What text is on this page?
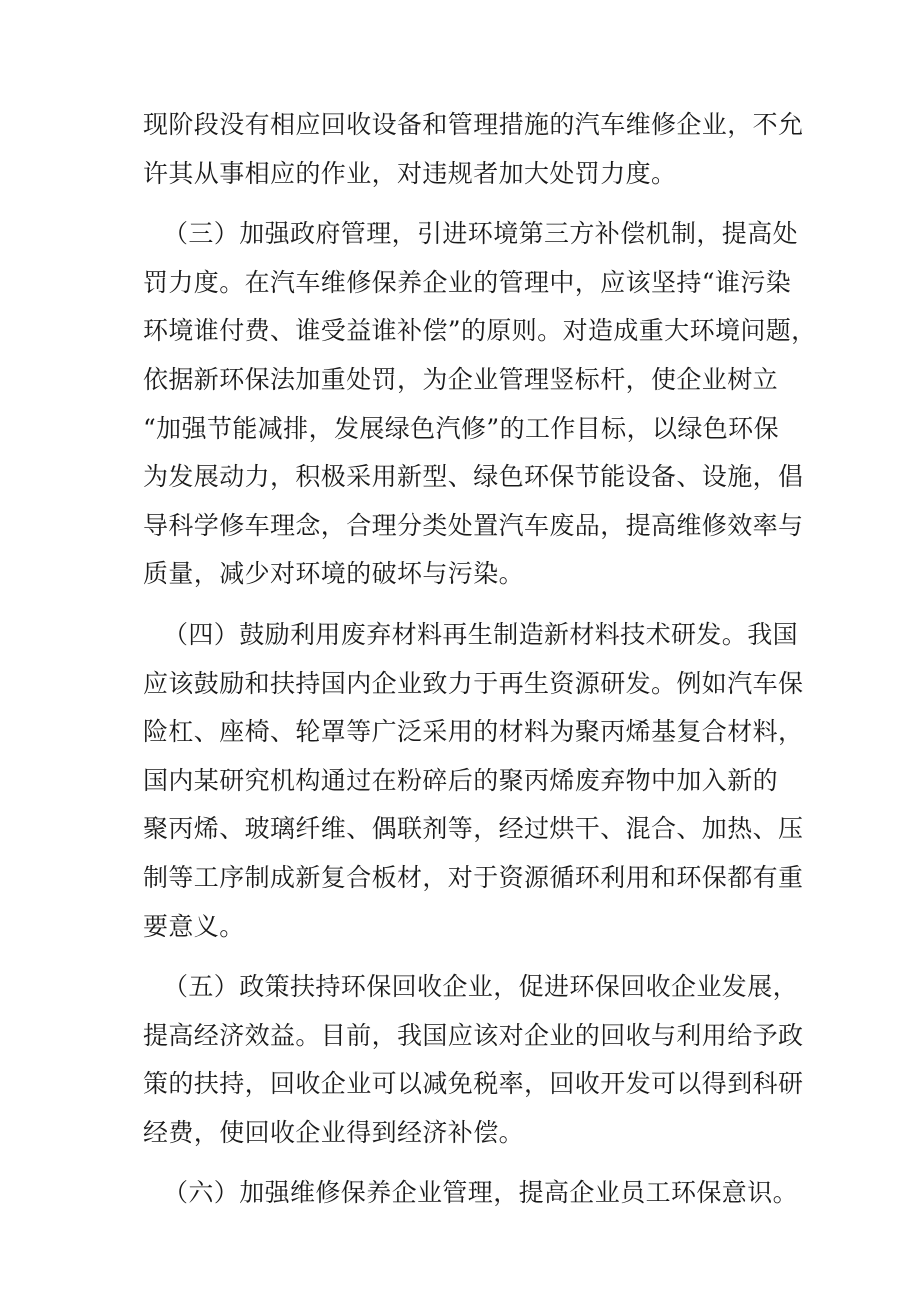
现阶段没有相应回收设备和管理措施的汽车维修企业，不允
许其从事相应的作业，对违规者加大处罚力度。
（三）加强政府管理，引进环境第三方补偿机制，提高处
罚力度。在汽车维修保养企业的管理中，应该坚持“谁污染
环境谁付费、谁受益谁补偿”的原则。对造成重大环境问题，
依据新环保法加重处罚，为企业管理竖标杆，使企业树立
“加强节能减排，发展绿色汽修”的工作目标，以绿色环保
为发展动力，积极采用新型、绿色环保节能设备、设施，倡
导科学修车理念，合理分类处置汽车废品，提高维修效率与
质量，减少对环境的破坏与污染。
（四）鼓励利用废弃材料再生制造新材料技术研发。我国
应该鼓励和扶持国内企业致力于再生资源研发。例如汽车保
险杠、座椅、轮罩等广泛采用的材料为聚丙烯基复合材料，
国内某研究机构通过在粉碎后的聚丙烯废弃物中加入新的
聚丙烯、玻璃纤维、偶联剂等，经过烘干、混合、加热、压
制等工序制成新复合板材，对于资源循环利用和环保都有重
要意义。
（五）政策扶持环保回收企业，促进环保回收企业发展，
提高经济效益。目前，我国应该对企业的回收与利用给予政
策的扶持，回收企业可以减免税率，回收开发可以得到科研
经费，使回收企业得到经济补偿。
（六）加强维修保养企业管理，提高企业员工环保意识。
